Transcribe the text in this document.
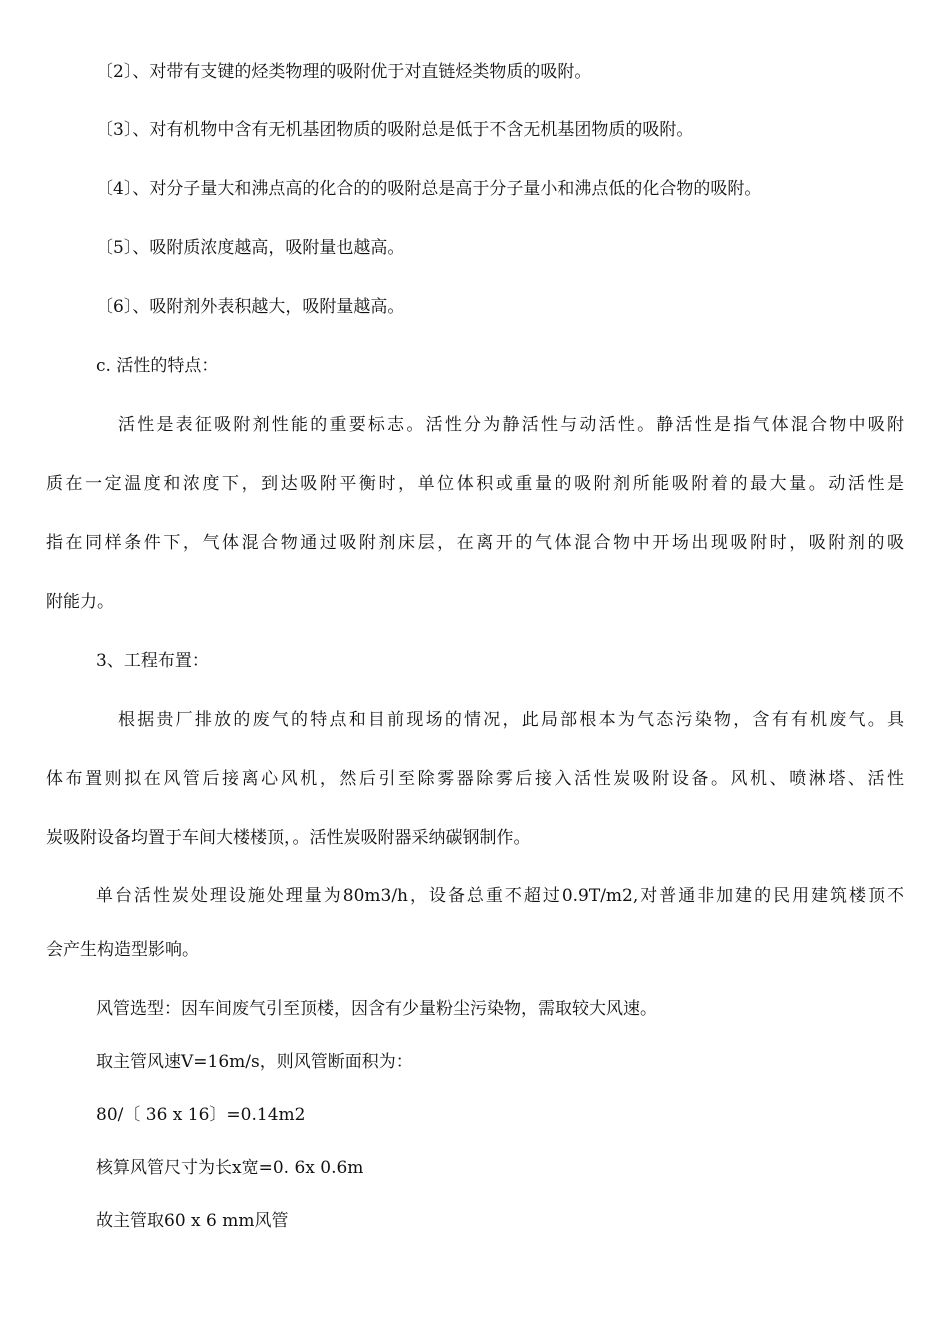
〔2〕、对带有支键的烃类物理的吸附优于对直链烃类物质的吸附。
〔3〕、对有机物中含有无机基团物质的吸附总是低于不含无机基团物质的吸附。
〔4〕、对分子量大和沸点高的化合的的吸附总是高于分子量小和沸点低的化合物的吸附。
〔5〕、吸附质浓度越高，吸附量也越高。
〔6〕、吸附剂外表积越大，吸附量越高。
c. 活性的特点：
活性是表征吸附剂性能的重要标志。活性分为静活性与动活性。静活性是指气体混合物中吸附
质在一定温度和浓度下，到达吸附平衡时，单位体积或重量的吸附剂所能吸附着的最大量。动活性是
指在同样条件下，气体混合物通过吸附剂床层，在离开的气体混合物中开场出现吸附时，吸附剂的吸
附能力。
3、工程布置：
根据贵厂排放的废气的特点和目前现场的情况，此局部根本为气态污染物，含有有机废气。具
体布置则拟在风管后接离心风机，然后引至除雾器除雾后接入活性炭吸附设备。风机、喷淋塔、活性
炭吸附设备均置于车间大楼楼顶，。活性炭吸附器采纳碳钢制作。
单台活性炭处理设施处理量为80m3/h，设备总重不超过0.9T/m2,对普通非加建的民用建筑楼顶不
会产生构造型影响。
风管选型：因车间废气引至顶楼，因含有少量粉尘污染物，需取较大风速。
取主管风速V=16m/s，则风管断面积为：
80/〔 36 x 16〕=0.14m2
核算风管尺寸为长x宽=0. 6x 0.6m
故主管取60 x 6 mm风管
